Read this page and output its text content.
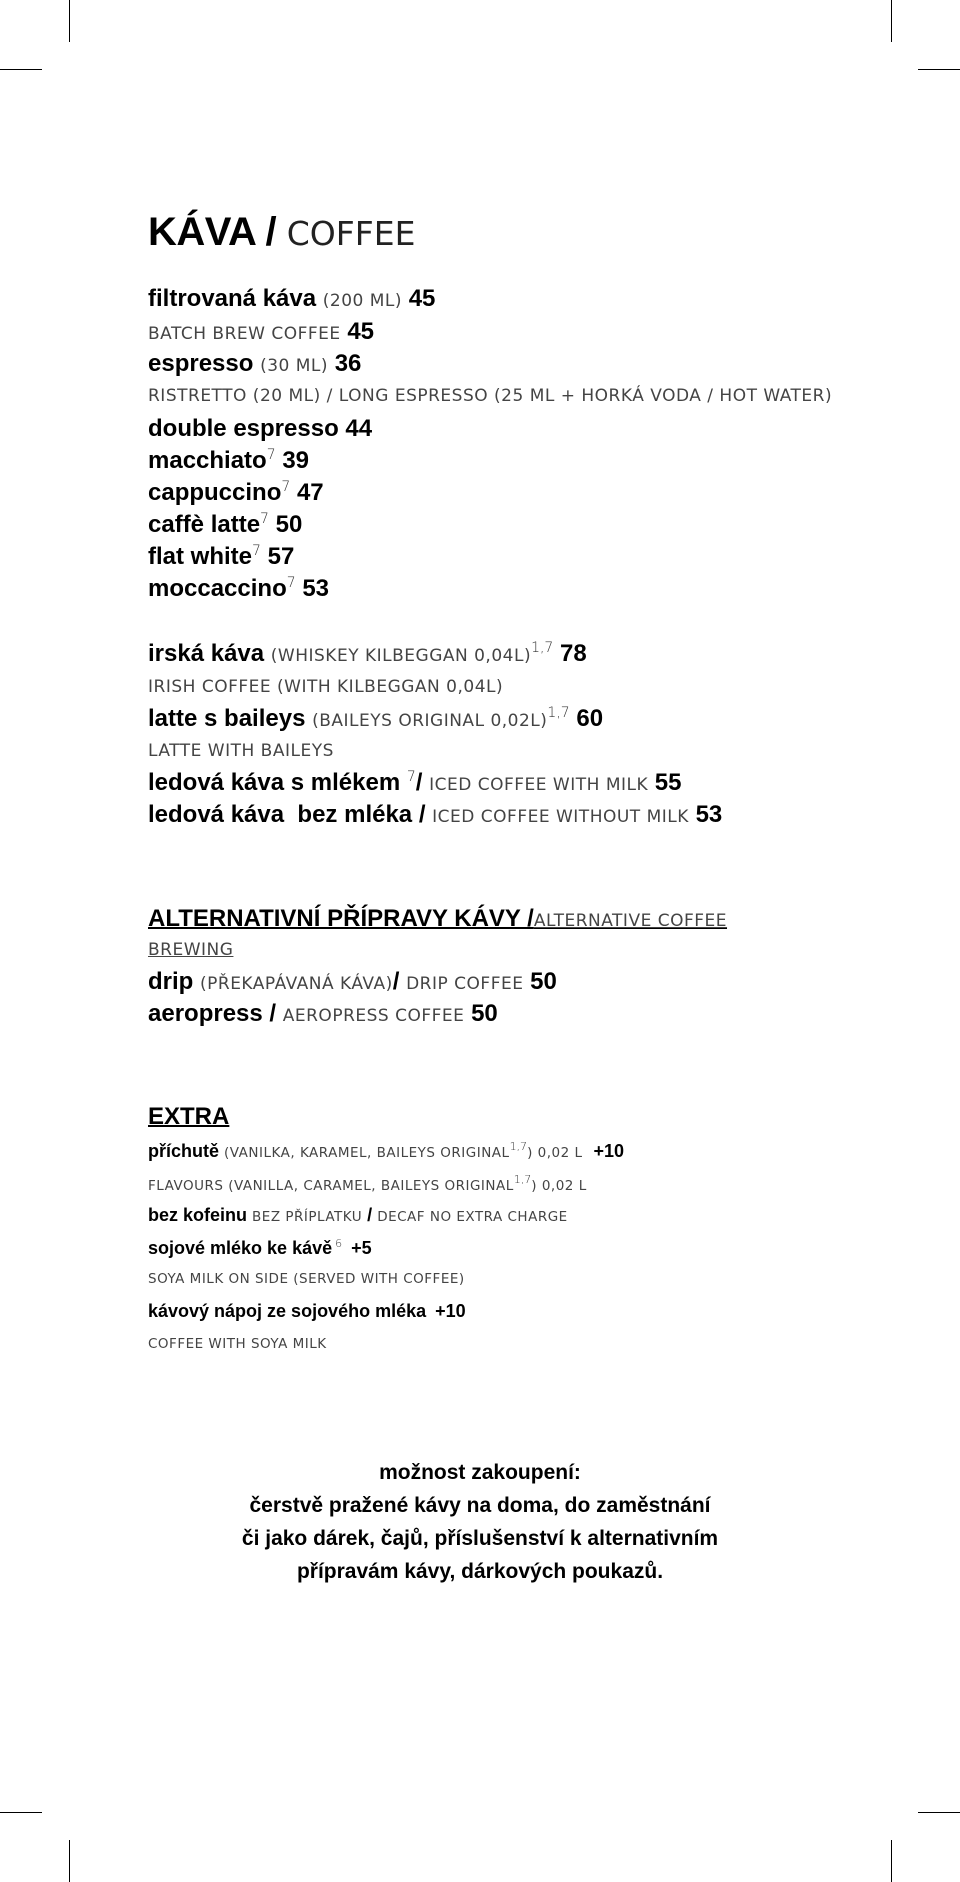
KÁVA / COFFEE
filtrovaná káva (200 ML) 45
BATCH BREW COFFEE 45
espresso (30 ML) 36
RISTRETTO (20 ML) / LONG ESPRESSO (25 ML + HORKÁ VODA / HOT WATER)
double espresso 44
macchiato$^7$ 39
cappuccino$^7$ 47
caffè latte$^7$ 50
flat white$^7$ 57
moccaccino$^7$ 53
irská káva (WHISKEY KILBEGGAN 0,04L)$^{1,7}$ 78
IRISH COFFEE (WITH KILBEGGAN 0,04L)
latte s baileys (BAILEYS ORIGINAL 0,02L)$^{1,7}$ 60
LATTE WITH BAILEYS
ledová káva s mlékem $^7$/ ICED COFFEE WITH MILK 55
ledová káva  bez mléka / ICED COFFEE WITHOUT MILK 53
ALTERNATIVNÍ PŘÍPRAVY KÁVY /ALTERNATIVE COFFEE
BREWING
drip (PŘEKAPÁVANÁ KÁVA)/ DRIP COFFEE 50
aeropress / AEROPRESS COFFEE 50
EXTRA
příchutě (VANILKA, KARAMEL, BAILEYS ORIGINAL$^{1,7}$) 0,02 L +10
FLAVOURS (VANILLA, CARAMEL, BAILEYS ORIGINAL$^{1,7}$) 0,02 L
bez kofeinu BEZ PŘÍPLATKU / DECAF NO EXTRA CHARGE
sojové mléko ke kávě $^6$ +5
SOYA MILK ON SIDE (SERVED WITH COFFEE)
kávový nápoj ze sojového mléka +10
COFFEE WITH SOYA MILK
možnost zakoupení:
čerstvě pražené kávy na doma, do zaměstnání
či jako dárek, čajů, příslušenství k alternativním
přípravám kávy, dárkových poukazů.
